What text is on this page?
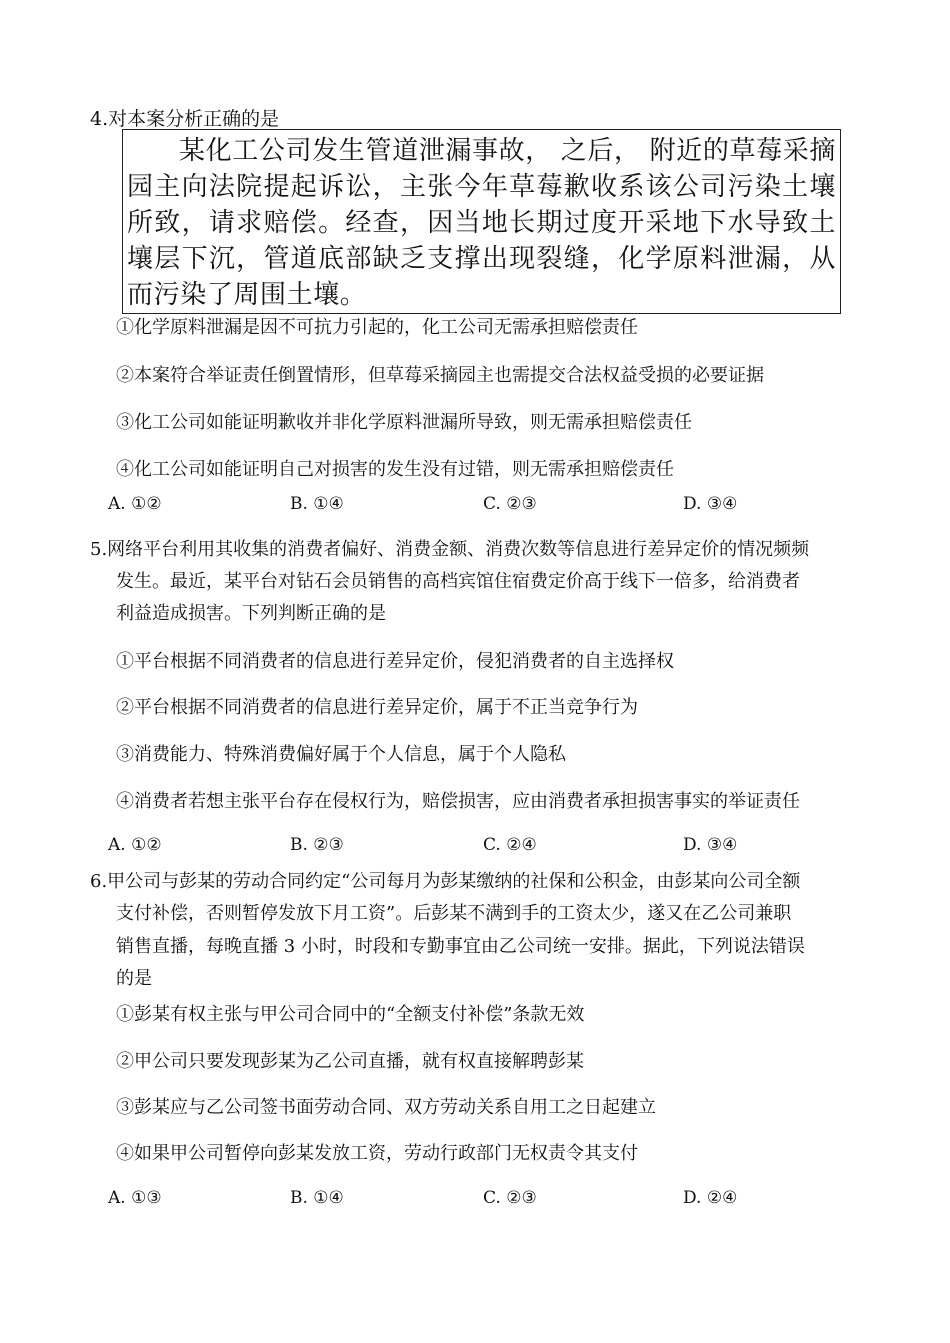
4.对本案分析正确的是
某化工公司发生管道泄漏事故， 之后， 附近的草莓采摘园主向法院提起诉讼，主张今年草莓歉收系该公司污染土壤所致，请求赔偿。经查，因当地长期过度开采地下水导致土壤层下沉，管道底部缺乏支撑出现裂缝，化学原料泄漏，从而污染了周围土壤。
①化学原料泄漏是因不可抗力引起的，化工公司无需承担赔偿责任
②本案符合举证责任倒置情形，但草莓采摘园主也需提交合法权益受损的必要证据
③化工公司如能证明歉收并非化学原料泄漏所导致，则无需承担赔偿责任
④化工公司如能证明自己对损害的发生没有过错，则无需承担赔偿责任
A. ①②	B. ①④	C. ②③	D. ③④
5.网络平台利用其收集的消费者偏好、消费金额、消费次数等信息进行差异定价的情况频频
发生。最近，某平台对钻石会员销售的高档宾馆住宿费定价高于线下一倍多，给消费者
利益造成损害。下列判断正确的是
①平台根据不同消费者的信息进行差异定价，侵犯消费者的自主选择权
②平台根据不同消费者的信息进行差异定价，属于不正当竞争行为
③消费能力、特殊消费偏好属于个人信息，属于个人隐私
④消费者若想主张平台存在侵权行为，赔偿损害，应由消费者承担损害事实的举证责任
A. ①②	B. ②③	C. ②④	D. ③④
6.甲公司与彭某的劳动合同约定“公司每月为彭某缴纳的社保和公积金，由彭某向公司全额
支付补偿，否则暂停发放下月工资”。后彭某不满到手的工资太少，遂又在乙公司兼职
销售直播，每晚直播 3 小时，时段和专勤事宜由乙公司统一安排。据此，下列说法错误
的是
①彭某有权主张与甲公司合同中的“全额支付补偿”条款无效
②甲公司只要发现彭某为乙公司直播，就有权直接解聘彭某
③彭某应与乙公司签书面劳动合同、双方劳动关系自用工之日起建立
④如果甲公司暂停向彭某发放工资，劳动行政部门无权责令其支付
A. ①③	B. ①④	C. ②③	D. ②④
